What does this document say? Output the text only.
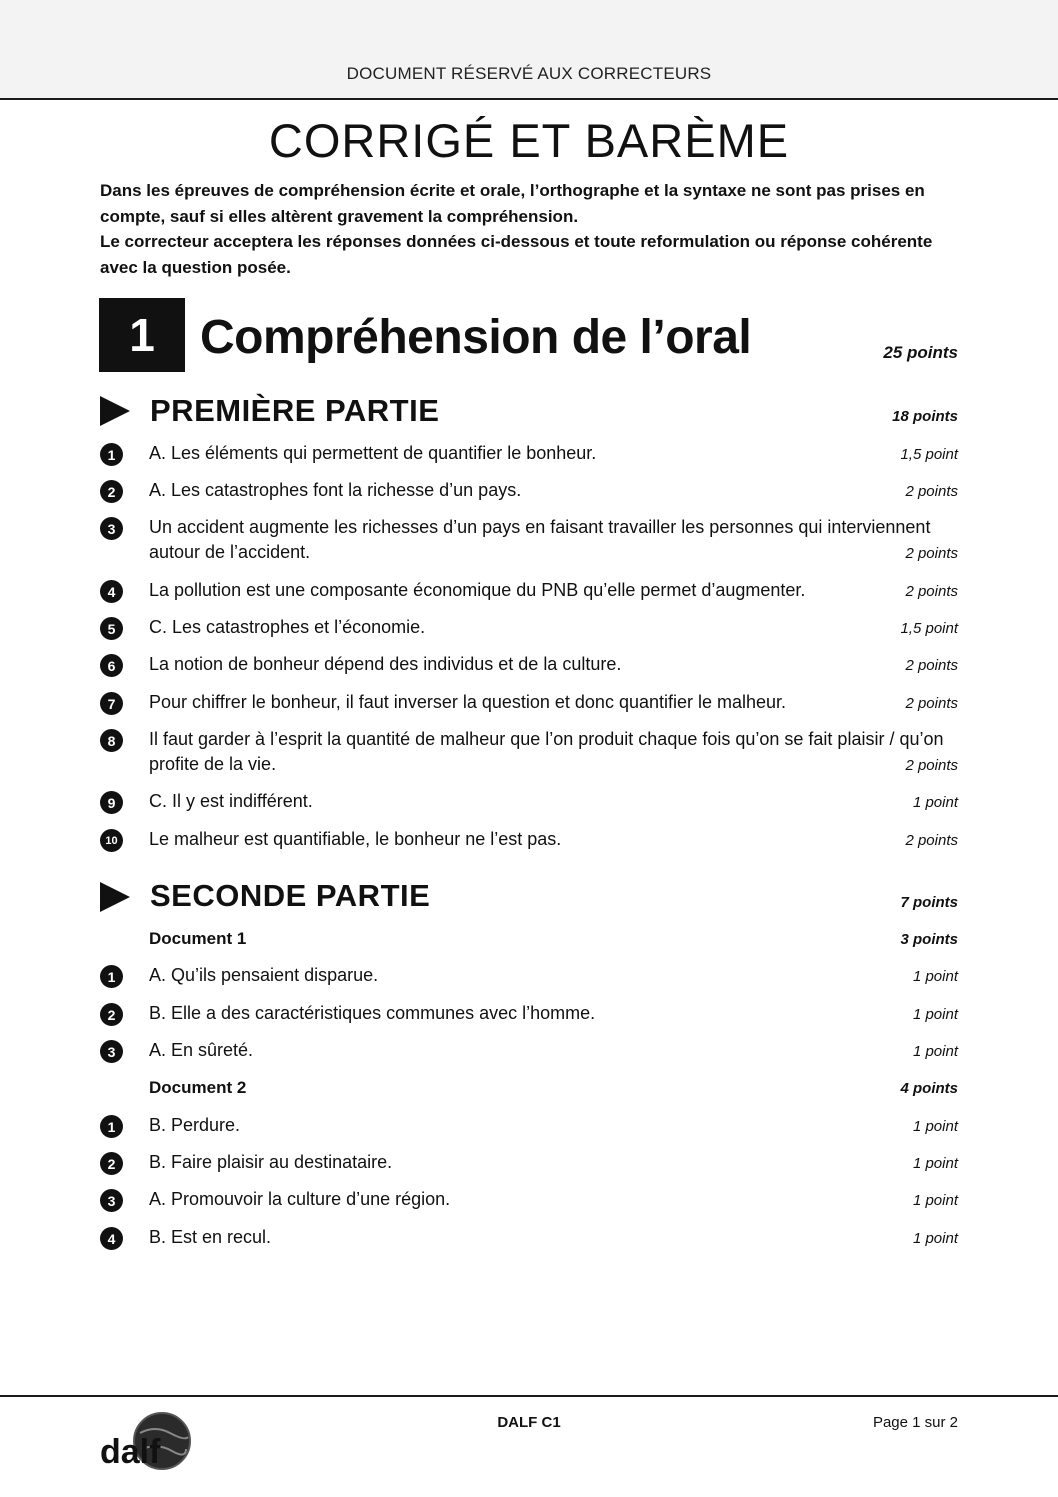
DOCUMENT RÉSERVÉ AUX CORRECTEURS
CORRIGÉ ET BARÈME

Dans les épreuves de compréhension écrite et orale, l’orthographe et la syntaxe ne sont pas prises en compte, sauf si elles altèrent gravement la compréhension.

Le correcteur acceptera les réponses données ci-dessous et toute reformulation ou réponse cohérente avec la question posée.

1 Compréhension de l’oral	25 points
PREMIÈRE PARTIE	18 points
1	A. Les éléments qui permettent de quantifier le bonheur.	1,5 point
2	A. Les catastrophes font la richesse d’un pays.	2 points
3	Un accident augmente les richesses d’un pays en faisant travailler les personnes qui interviennent autour de l’accident.	2 points
4	La pollution est une composante économique du PNB qu’elle permet d’augmenter.	2 points
5	C. Les catastrophes et l’économie.	1,5 point
6	La notion de bonheur dépend des individus et de la culture.	2 points
7	Pour chiffrer le bonheur, il faut inverser la question et donc quantifier le malheur.	2 points
8	Il faut garder à l’esprit la quantité de malheur que l’on produit chaque fois qu’on se fait plaisir / qu’on profite de la vie.	2 points
9	C. Il y est indifférent.	1 point
10 Le malheur est quantifiable, le bonheur ne l’est pas.	2 points
SECONDE PARTIE	7 points
Document 1	3 points
1	A. Qu’ils pensaient disparue.	1 point
2	B. Elle a des caractéristiques communes avec l’homme.	1 point
3	A. En sûreté.	1 point
Document 2	4 points
1	B. Perdure.	1 point
2	B. Faire plaisir au destinataire.	1 point
3	A. Promouvoir la culture d’une région.	1 point
4	B. Est en recul.	1 point
dalf
DALF C1	Page 1 sur 2
